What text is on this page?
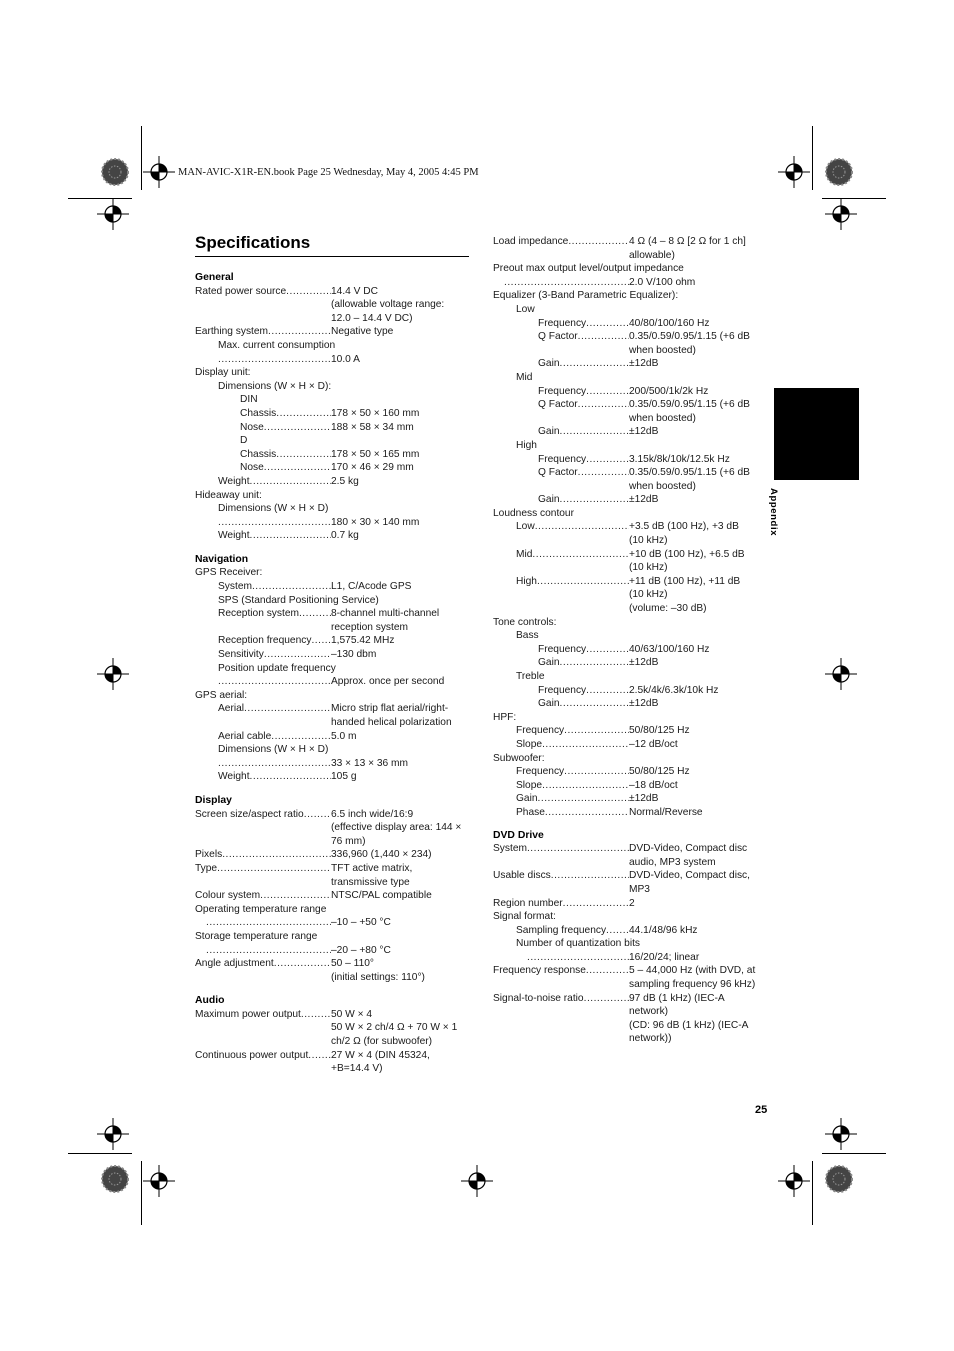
MAN-AVIC-X1R-EN.book Page 25 Wednesday, May 4, 2005 4:45 PM
Specifications
General
Rated power source .....	14.4 V DC
(allowable voltage range:
12.0 – 14.4 V DC)
Earthing system .....	Negative type
Max. current consumption
.....
10.0 A
Display unit:
Dimensions (W × H × D):
DIN
Chassis .....	178 × 50 × 160 mm
Nose .....	188 × 58 × 34 mm
D
Chassis .....	178 × 50 × 165 mm
Nose .....	170 × 46 × 29 mm
Weight .....	2.5 kg
Hideaway unit:
Dimensions (W × H × D)
.....
180 × 30 × 140 mm
Weight .....	0.7 kg
Navigation
GPS Receiver:
System .....	L1, C/Acode GPS
SPS (Standard Positioning Service)
Reception system .....	8-channel multi-channel
reception system
Reception frequency ..... 1,575.42 MHz
Sensitivity .....	–130 dbm
Position update frequency
.....
Approx. once per second
GPS aerial:
Aerial .....	Micro strip flat aerial/right-
handed helical polarization
Aerial cable .....	5.0 m
Dimensions (W × H × D)
.....
33 × 13 × 36 mm
Weight .....	105 g
Display
Screen size/aspect ratio .....	6.5 inch wide/16:9
(effective display area: 144 ×
76 mm)
Pixels .....	336,960 (1,440 × 234)
Type .....	TFT active matrix,
transmissive type
Colour system .....	NTSC/PAL compatible
Operating temperature range
.....
–10 – +50 °C
Storage temperature range
.....
–20 – +80 °C
Angle adjustment .....	50 – 110°
(initial settings: 110°)
Audio
Maximum power output .....	50 W × 4
50 W × 2 ch/4 Ω + 70 W × 1
ch/2 Ω (for subwoofer)
Continuous power output ..... 27 W × 4 (DIN 45324,
+B=14.4 V)
Load impedance .....	4 Ω (4 – 8 Ω [2 Ω for 1 ch]
allowable)
Preout max output level/output impedance
.....
2.0 V/100 ohm
Equalizer (3-Band Parametric Equalizer):
Low
Frequency .....	40/80/100/160 Hz
Q Factor .....	0.35/0.59/0.95/1.15 (+6 dB
when boosted)
Gain .....	±12dB
Mid
Frequency .....	200/500/1k/2k Hz
Q Factor .....	0.35/0.59/0.95/1.15 (+6 dB
when boosted)
Gain .....	±12dB
High
Frequency .....	3.15k/8k/10k/12.5k Hz
Q Factor .....	0.35/0.59/0.95/1.15 (+6 dB
when boosted)
Gain .....	±12dB
Loudness contour
Low .....	+3.5 dB (100 Hz), +3 dB
(10 kHz)
Mid .....	+10 dB (100 Hz), +6.5 dB
(10 kHz)
High .....	+11 dB (100 Hz), +11 dB
(10 kHz)
(volume: –30 dB)
Tone controls:
Bass
Frequency .....	40/63/100/160 Hz
Gain .....	±12dB
Treble
Frequency .....	2.5k/4k/6.3k/10k Hz
Gain .....	±12dB
HPF:
Frequency .....	50/80/125 Hz
Slope .....	–12 dB/oct
Subwoofer:
Frequency .....	50/80/125 Hz
Slope .....	–18 dB/oct
Gain .....	±12dB
Phase .....	Normal/Reverse
DVD Drive
System .....	DVD-Video, Compact disc
audio, MP3 system
Usable discs .....	DVD-Video, Compact disc,
MP3
Region number .....	2
Signal format:
Sampling frequency ..... 44.1/48/96 kHz
Number of quantization bits
.....
16/20/24; linear
Frequency response .....	5 – 44,000 Hz (with DVD, at
sampling frequency 96 kHz)
Signal-to-noise ratio .....	97 dB (1 kHz) (IEC-A
network)
(CD: 96 dB (1 kHz) (IEC-A
network))
Appendix
25
